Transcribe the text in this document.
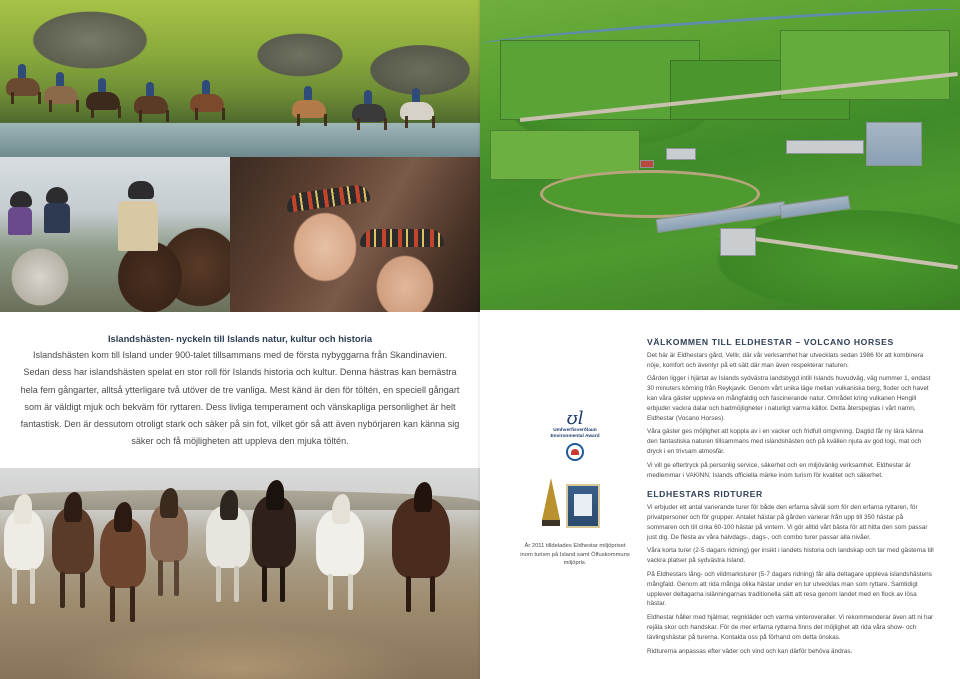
Islandshästen- nyckeln till Islands natur, kultur och historia
Islandshästen kom till Island under 900-talet tillsammans med de första nybyggarna från Skandinavien.
Sedan dess har islandshästen spelat en stor roll för Islands historia och kultur. Denna hästras kan bemästra
hela fem gångarter, alltså ytterligare två utöver de tre vanliga. Mest känd är den för töltén, en speciell gångart
som är väldigt mjuk och bekväm för ryttaren. Dess livliga temperament och vänskapliga personlighet är helt
fantastisk. Den är dessutom otroligt stark och säker på sin fot, vilket gör så att även nybörjaren kan känna sig
säker och få möjligheten att uppleva den mjuka töltén.
ʊl
Umhverfisverðlaun
Environmental Award
År 2011 tilldelades Eldhestar miljöpriset inom turism på Island samt Ölfuskommuns miljöpris.
VÄLKOMMEN TILL ELDHESTAR – VOLCANO HORSES

Det här är Eldhestars gård, Vellir, där vår verksamhet har utvecklats sedan 1986 för att kombinera nöje, komfort och äventyr på ett sätt där man även respekterar naturen.

Gården ligger i hjärtat av Islands sydvästra landsbygd intill Islands huvudväg, väg nummer 1, endast 30 minuters körning från Reykjavik. Genom vårt unika läge mellan vulkaniska berg, floder och havet kan våra gäster uppleva en mångfaldig och fascinerande natur. Området kring vulkanen Hengill erbjuder vackra dalar och badmöjligheter i naturligt varma källor. Detta återspeglas i vårt namn, Eldhestar (Vocano Horses).

Våra gäster ges möjlighet att koppla av i en vacker och fridfull omgivning. Dagtid får ny lära känna den fantastiska naturen tillsammans med islandshästen och på kvällen njuta av god logi, mat och dryck i en trivsam atmosfär.

Vi vill ge eftertryck på personlig service, säkerhet och en miljövänlig verksamhet. Eldhestar är medlemmar i VAKINN, Islands officiella märke inom turism för kvalitet och säkerhet.

ELDHESTARS RIDTURER

Vi erbjuder ett antal varierande turer för både den erfarna såväl som för den erfarna ryttaren, för privatpersoner och för grupper. Antalet hästar på gården varierar från upp till 350 hästar på sommaren och till cirka 60-100 hästar på vintern. Vi gör alltid vårt bästa för att hitta den som passar just dig. De flesta av våra halvdags-, dags-, och combo turer passar alla nivåer.

Våra korta turer (2-5 dagars ridning) ger insikt i landets historia och landskap och tar med gästerna till vackra platser på sydvästra Island.

På Eldhestars lång- och vildmarksturer (5-7 dagars ridning) får alla deltagare uppleva islandshästens mångfald. Genom att rida många olika hästar under en tur utvecklas man som ryttare. Samtidigt upplever deltagarna islänningarnas traditionella sätt att resa genom landet med en flock av lösa hästar.

Eldhestar håller med hjälmar, regnkläder och varma vinteroveraller. Vi rekommenderar även att ni har rejäla skor och handskar. För de mer erfarna ryttarna finns det möjlighet att rida våra show- och tävlingshästar på turerna. Kontakta oss på förhand om detta önskas.

Ridturerna anpassas efter väder och vind och kan därför behöva ändras.
